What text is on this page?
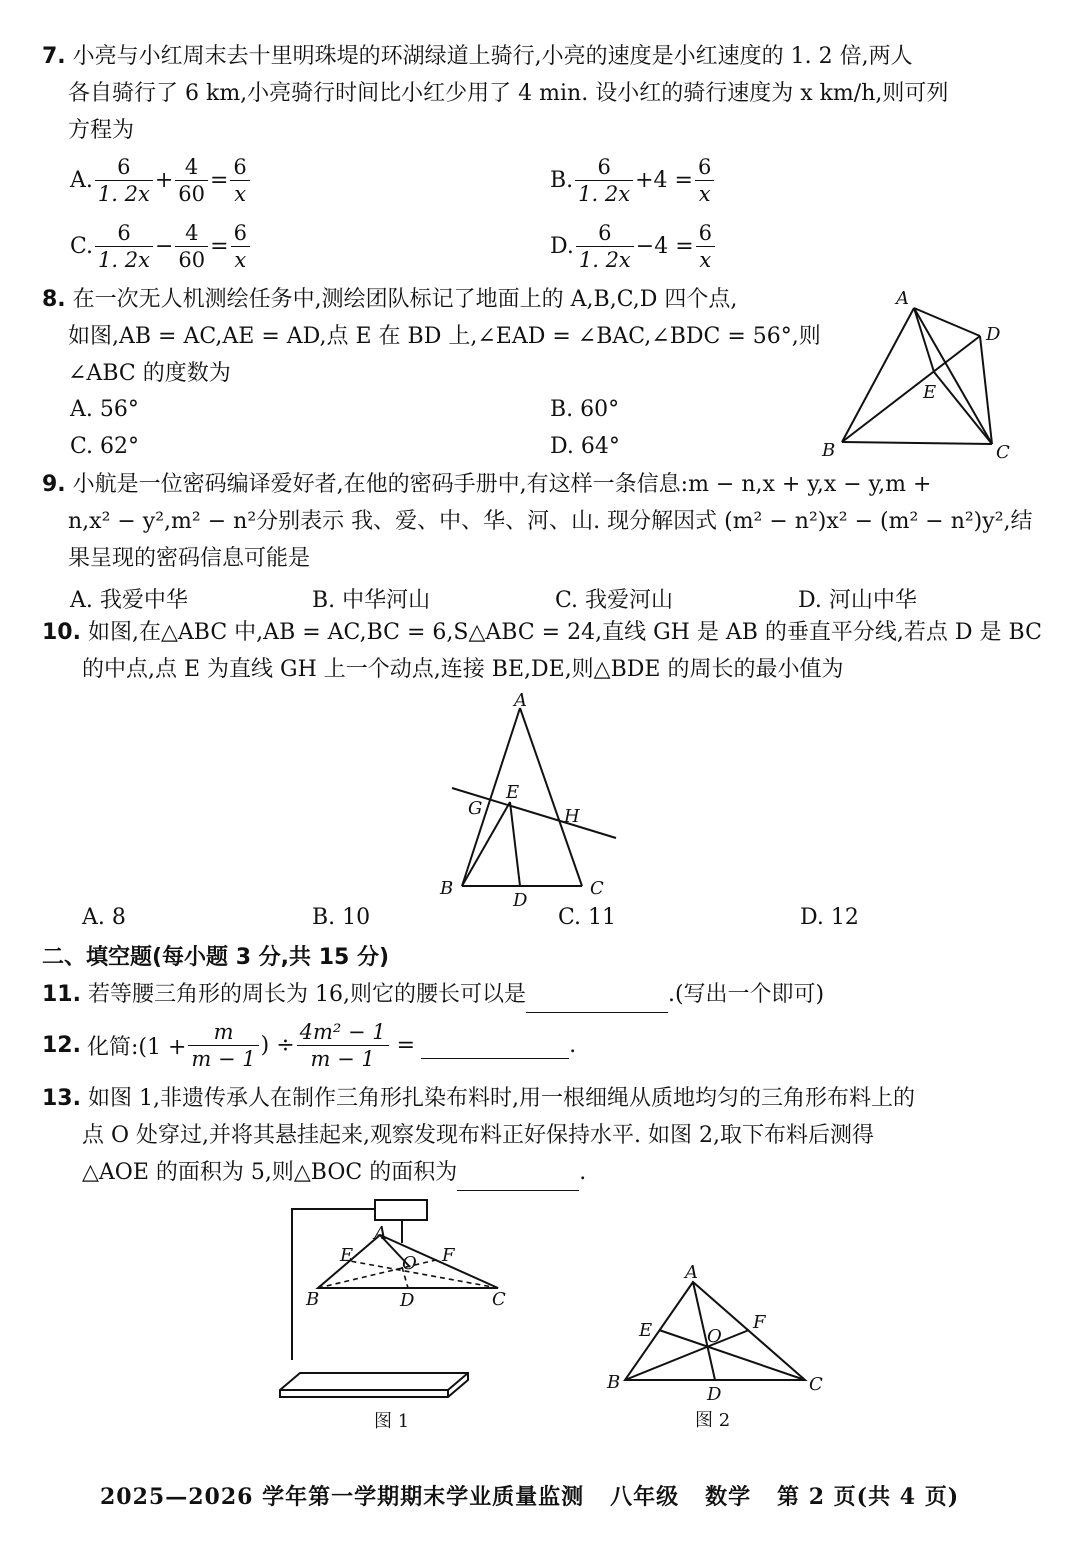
7. 小亮与小红周末去十里明珠堤的环湖绿道上骑行,小亮的速度是小红速度的 1. 2 倍,两人
各自骑行了 6 km,小亮骑行时间比小红少用了 4 min. 设小红的骑行速度为 x km/h,则可列
方程为
A. $\frac{6}{1. 2x} + \frac{4}{60} = \frac{6}{x}$	B. $\frac{6}{1. 2x} +4 = \frac{6}{x}$
C. $\frac{6}{1. 2x} - \frac{4}{60} = \frac{6}{x}$	D. $\frac{6}{1. 2x} -4 = \frac{6}{x}$
8. 在一次无人机测绘任务中,测绘团队标记了地面上的 A,B,C,D 四个点,
如图,AB = AC,AE = AD,点 E 在 BD 上,∠EAD = ∠BAC,∠BDC = 56°,则
∠ABC 的度数为
A. 56°	B. 60°
C. 62°	D. 64°
A
B	C
D
E
9. 小航是一位密码编译爱好者,在他的密码手册中,有这样一条信息:m − n,x + y,x − y,m +
n,x² − y²,m² − n²分别表示 我、爱、中、华、河、山. 现分解因式 (m² − n²)x² − (m² − n²)y²,结
果呈现的密码信息可能是
A. 我爱中华	B. 中华河山	C. 我爱河山	D. 河山中华
10. 如图,在△ABC 中,AB = AC,BC = 6,S△ABC = 24,直线 GH 是 AB 的垂直平分线,若点 D 是 BC
的中点,点 E 为直线 GH 上一个动点,连接 BE,DE,则△BDE 的周长的最小值为
A
B	C
D
E
G	H
A. 8	B. 10	C. 11	D. 12
二、填空题(每小题 3 分,共 15 分)
11. 若等腰三角形的周长为 16,则它的腰长可以是	.(写出一个即可)
12. 化简:(1 + $\frac{m}{m - 1}$ ) ÷ $\frac{\text{4m² − 1}}{m - 1}$ =	.
13. 如图 1,非遗传承人在制作三角形扎染布料时,用一根细绳从质地均匀的三角形布料上的
点 O 处穿过,并将其悬挂起来,观察发现布料正好保持水平. 如图 2,取下布料后测得
△AOE 的面积为 5,则△BOC 的面积为	.
A
B	C
D
E	F
O
图 1
A
B	C
D
E	F
O
图 2
2025—2026 学年第一学期期末学业质量监测   八年级   数学   第 2 页(共 4 页)
